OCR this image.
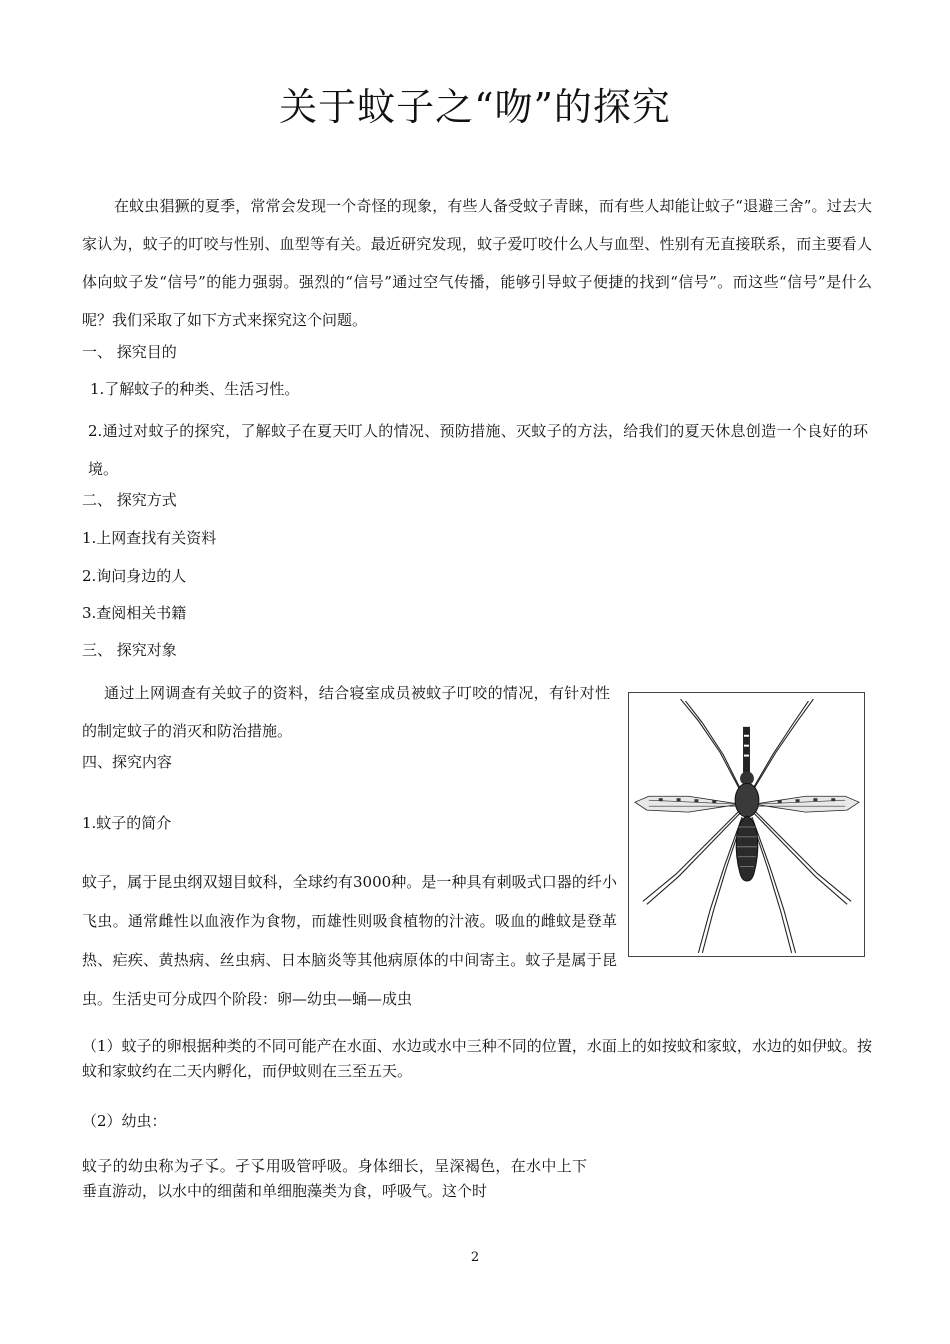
关于蚊子之“吻”的探究
在蚊虫猖獗的夏季，常常会发现一个奇怪的现象，有些人备受蚊子青睐，而有些人却能让蚊子“退避三舍”。过去大家认为，蚊子的叮咬与性别、血型等有关。最近研究发现，蚊子爱叮咬什么人与血型、性别有无直接联系，而主要看人体向蚊子发“信号”的能力强弱。强烈的“信号”通过空气传播，能够引导蚊子便捷的找到“信号”。而这些“信号”是什么呢？我们采取了如下方式来探究这个问题。
一、 探究目的
1.了解蚊子的种类、生活习性。
2.通过对蚊子的探究，了解蚊子在夏天叮人的情况、预防措施、灭蚊子的方法，给我们的夏天休息创造一个良好的环境。
二、 探究方式
1.上网查找有关资料
2.询问身边的人
3.查阅相关书籍
三、 探究对象
通过上网调查有关蚊子的资料，结合寝室成员被蚊子叮咬的情况，有针对性的制定蚊子的消灭和防治措施。
四、探究内容
1.蚊子的简介
蚊子，属于昆虫纲双翅目蚊科，全球约有3000种。是一种具有刺吸式口器的纤小飞虫。通常雌性以血液作为食物，而雄性则吸食植物的汁液。吸血的雌蚊是登革热、疟疾、黄热病、丝虫病、日本脑炎等其他病原体的中间寄主。蚊子是属于昆虫。生活史可分成四个阶段：卵—幼虫—蛹—成虫
（1）蚊子的卵根据种类的不同可能产在水面、水边或水中三种不同的位置，水面上的如按蚊和家蚊，水边的如伊蚊。按蚊和家蚊约在二天内孵化，而伊蚊则在三至五天。
（2）幼虫：
蚊子的幼虫称为孑孓。孑孓用吸管呼吸。身体细长，呈深褐色，在水中上下垂直游动，以水中的细菌和单细胞藻类为食，呼吸气。这个时
2
